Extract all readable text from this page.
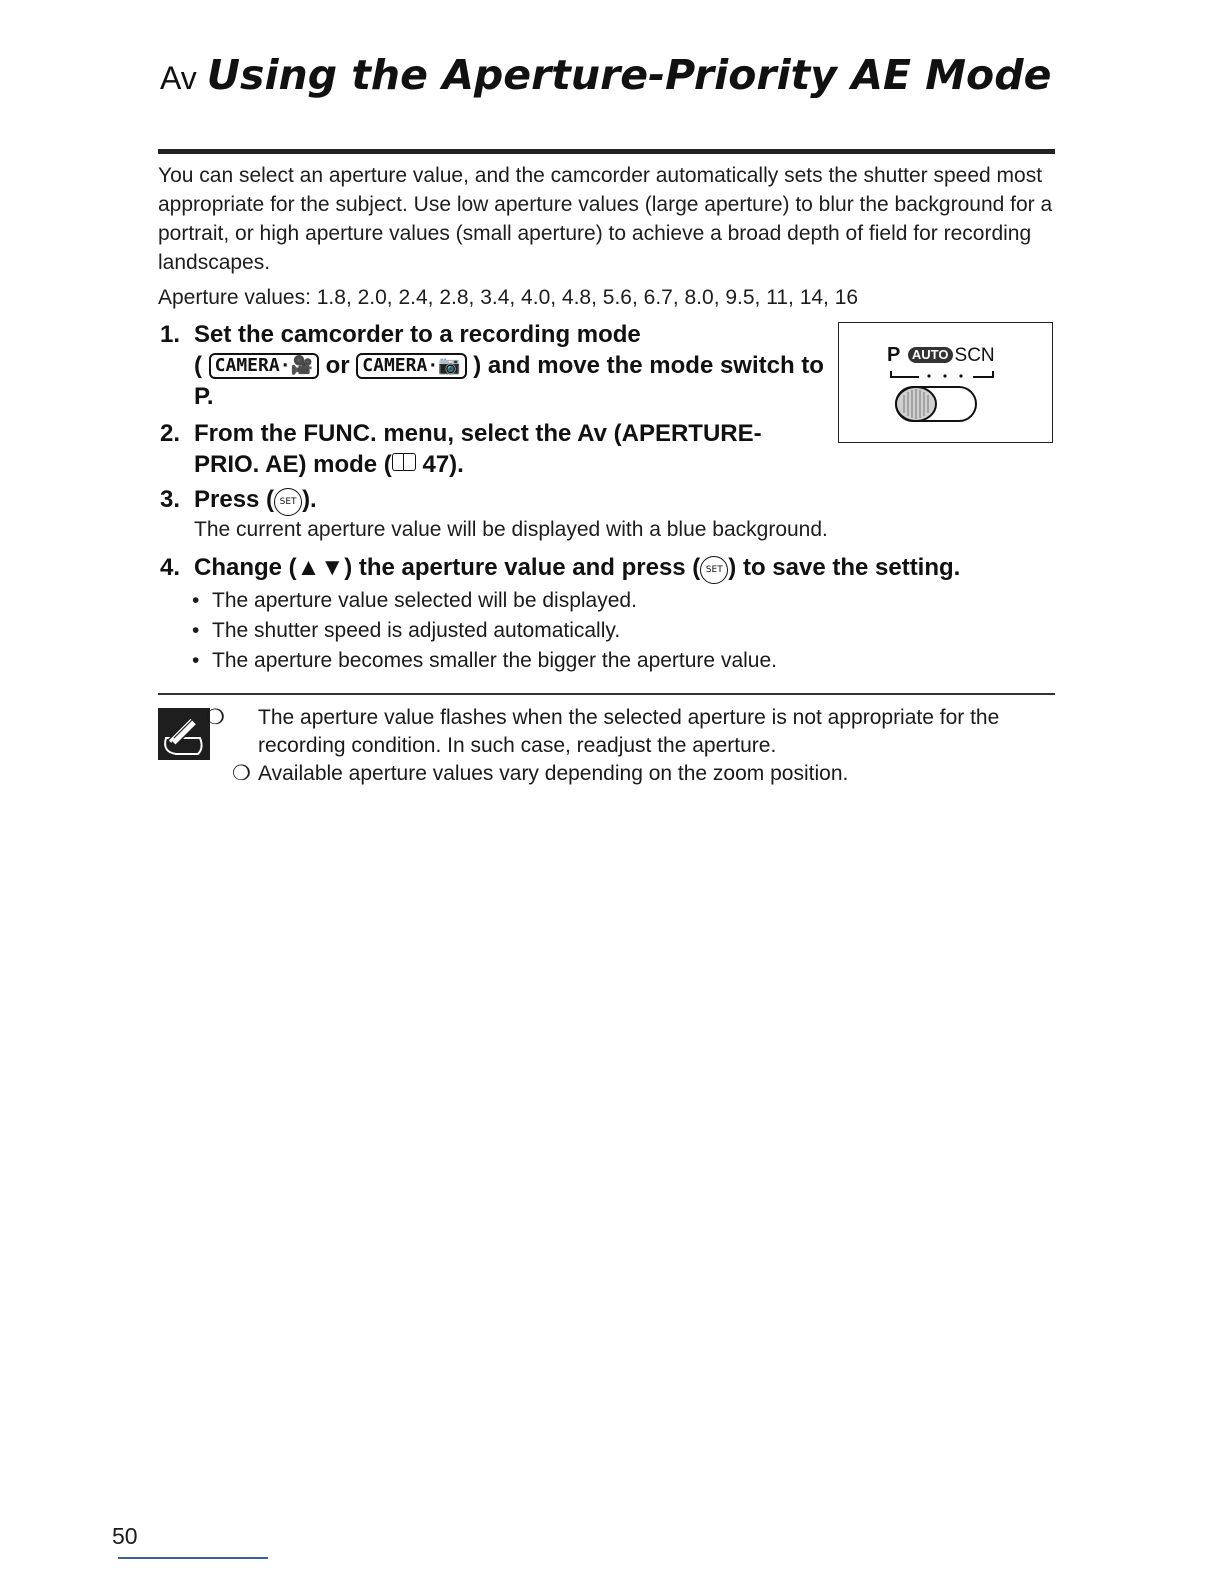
Av Using the Aperture-Priority AE Mode
You can select an aperture value, and the camcorder automatically sets the shutter speed most appropriate for the subject. Use low aperture values (large aperture) to blur the background for a portrait, or high aperture values (small aperture) to achieve a broad depth of field for recording landscapes.
Aperture values: 1.8, 2.0, 2.4, 2.8, 3.4, 4.0, 4.8, 5.6, 6.7, 8.0, 9.5, 11, 14, 16
1. Set the camcorder to a recording mode
( CAMERA·🎥 or CAMERA·📷 ) and move the mode switch to P.
P AUTO SCN
2. From the FUNC. menu, select the Av (APERTURE-PRIO. AE) mode ( 47).
3. Press ( SET ).
The current aperture value will be displayed with a blue background.
4. Change (▲▼) the aperture value and press ( SET ) to save the setting.
• The aperture value selected will be displayed.
• The shutter speed is adjusted automatically.
• The aperture becomes smaller the bigger the aperture value.
❍ The aperture value flashes when the selected aperture is not appropriate for the recording condition. In such case, readjust the aperture.
❍ Available aperture values vary depending on the zoom position.
50
